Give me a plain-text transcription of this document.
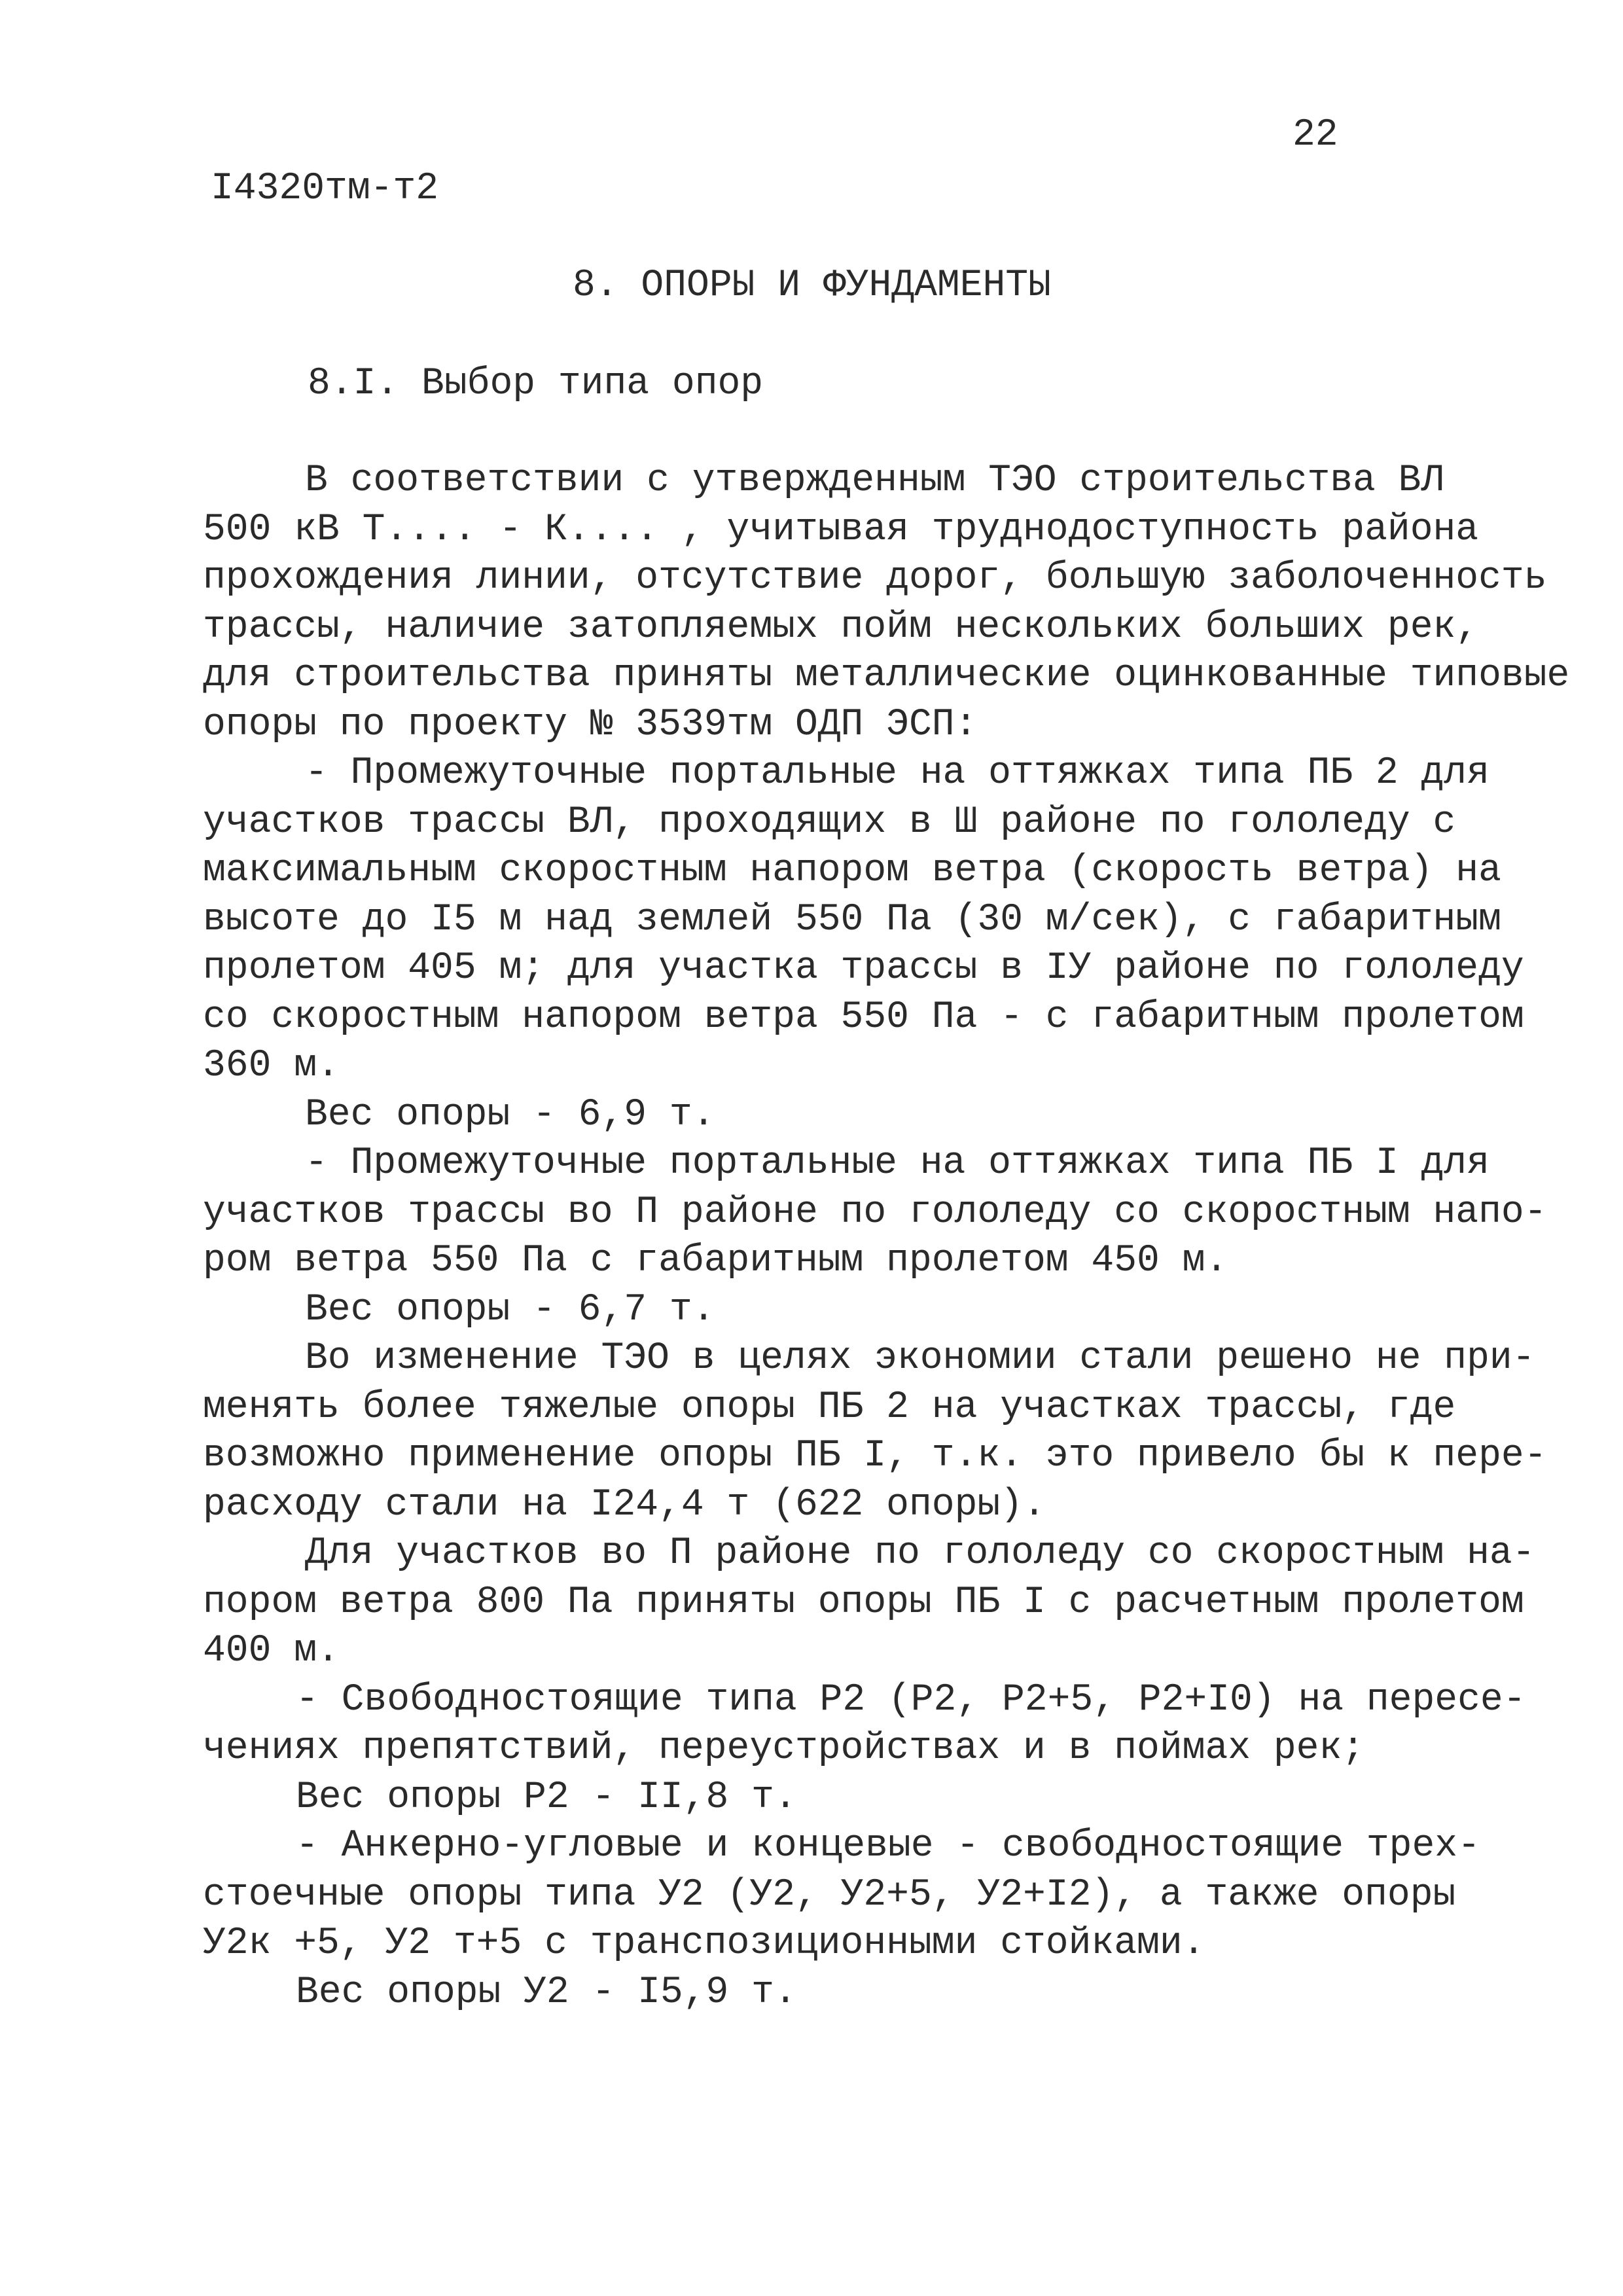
22
I4320тм-т2
8. ОПОРЫ И ФУНДАМЕНТЫ
8.I. Выбор типа опор
В соответствии с утвержденным ТЭО строительства ВЛ
500 кВ Т.... - К.... , учитывая труднодоступность района
прохождения линии, отсутствие дорог, большую заболоченность
трассы, наличие затопляемых пойм нескольких больших рек,
для строительства приняты металлические оцинкованные типовые
опоры по проекту № 3539тм ОДП ЭСП:
- Промежуточные портальные на оттяжках типа ПБ 2 для
участков трассы ВЛ, проходящих в Ш районе по гололеду с
максимальным скоростным напором ветра (скорость ветра) на
высоте до I5 м над землей 550 Па (30 м/сек), с габаритным
пролетом 405 м; для участка трассы в IУ районе по гололеду
со скоростным напором ветра 550 Па - с габаритным пролетом
360 м.
Вес опоры - 6,9 т.
- Промежуточные портальные на оттяжках типа ПБ I для
участков трассы во П районе по гололеду со скоростным напо-
ром ветра 550 Па с габаритным пролетом 450 м.
Вес опоры - 6,7 т.
Во изменение ТЭО в целях экономии стали решено не при-
менять более тяжелые опоры ПБ 2 на участках трассы, где
возможно применение опоры ПБ I, т.к. это привело бы к пере-
расходу стали на I24,4 т (622 опоры).
Для участков во П районе по гололеду со скоростным на-
пором ветра 800 Па приняты опоры ПБ I с расчетным пролетом
400 м.
- Свободностоящие типа Р2 (Р2, Р2+5, Р2+I0) на пересе-
чениях препятствий, переустройствах и в поймах рек;
Вес опоры Р2 - II,8 т.
- Анкерно-угловые и концевые - свободностоящие трех-
стоечные опоры типа У2 (У2, У2+5, У2+I2), а также опоры
У2к +5, У2 т+5 с транспозиционными стойками.
Вес опоры У2 - I5,9 т.
